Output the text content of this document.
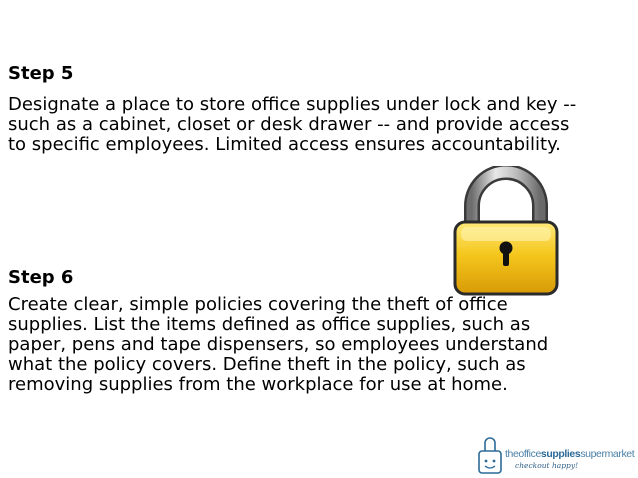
Step 5

Designate a place to store office supplies under lock and key --
such as a cabinet, closet or desk drawer -- and provide access
to specific employees. Limited access ensures accountability.

Step 6

Create clear, simple policies covering the theft of office
supplies. List the items defined as office supplies, such as
paper, pens and tape dispensers, so employees understand
what the policy covers. Define theft in the policy, such as
removing supplies from the workplace for use at home.

theofficesuppliessupermarket
checkout happy!
